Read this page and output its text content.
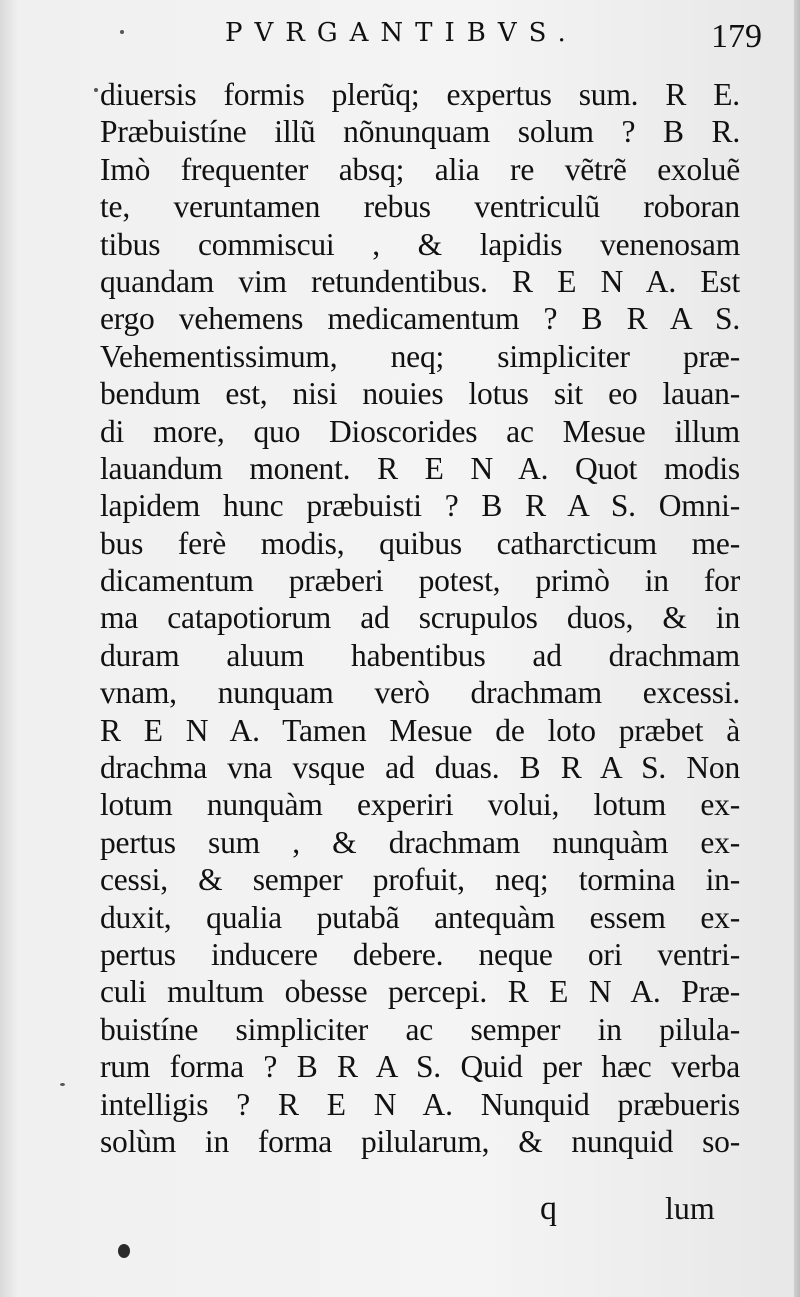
PVRGANTIBVS.	179
diuersis formis plerũq; expertus sum. R E.
Præbuistíne illũ nõnunquam solum ? B R.
Imò frequenter absq; alia re vẽtrẽ exoluẽ
te, veruntamen rebus ventriculũ roboran
tibus commiscui , & lapidis venenosam
quandam vim retundentibus. R E N A. Est
ergo vehemens medicamentum ? B R A S.
Vehementissimum, neq; simpliciter præ-
bendum est, nisi nouies lotus sit eo lauan-
di more, quo Dioscorides ac Mesue illum
lauandum monent. R E N A. Quot modis
lapidem hunc præbuisti ? B R A S. Omni-
bus ferè modis, quibus catharcticum me-
dicamentum præberi potest, primò in for
ma catapotiorum ad scrupulos duos, & in
duram aluum habentibus ad drachmam
vnam, nunquam verò drachmam excessi.
R E N A. Tamen Mesue de loto præbet à
drachma vna vsque ad duas. B R A S. Non
lotum nunquàm experiri volui, lotum ex-
pertus sum , & drachmam nunquàm ex-
cessi, & semper profuit, neq; tormina in-
duxit, qualia putabã antequàm essem ex-
pertus inducere debere. neque ori ventri-
culi multum obesse percepi. R E N A. Præ-
buistíne simpliciter ac semper in pilula-
rum forma ? B R A S. Quid per hæc verba
intelligis ? R E N A. Nunquid præbueris
solùm in forma pilularum, & nunquid so-
q	lum
